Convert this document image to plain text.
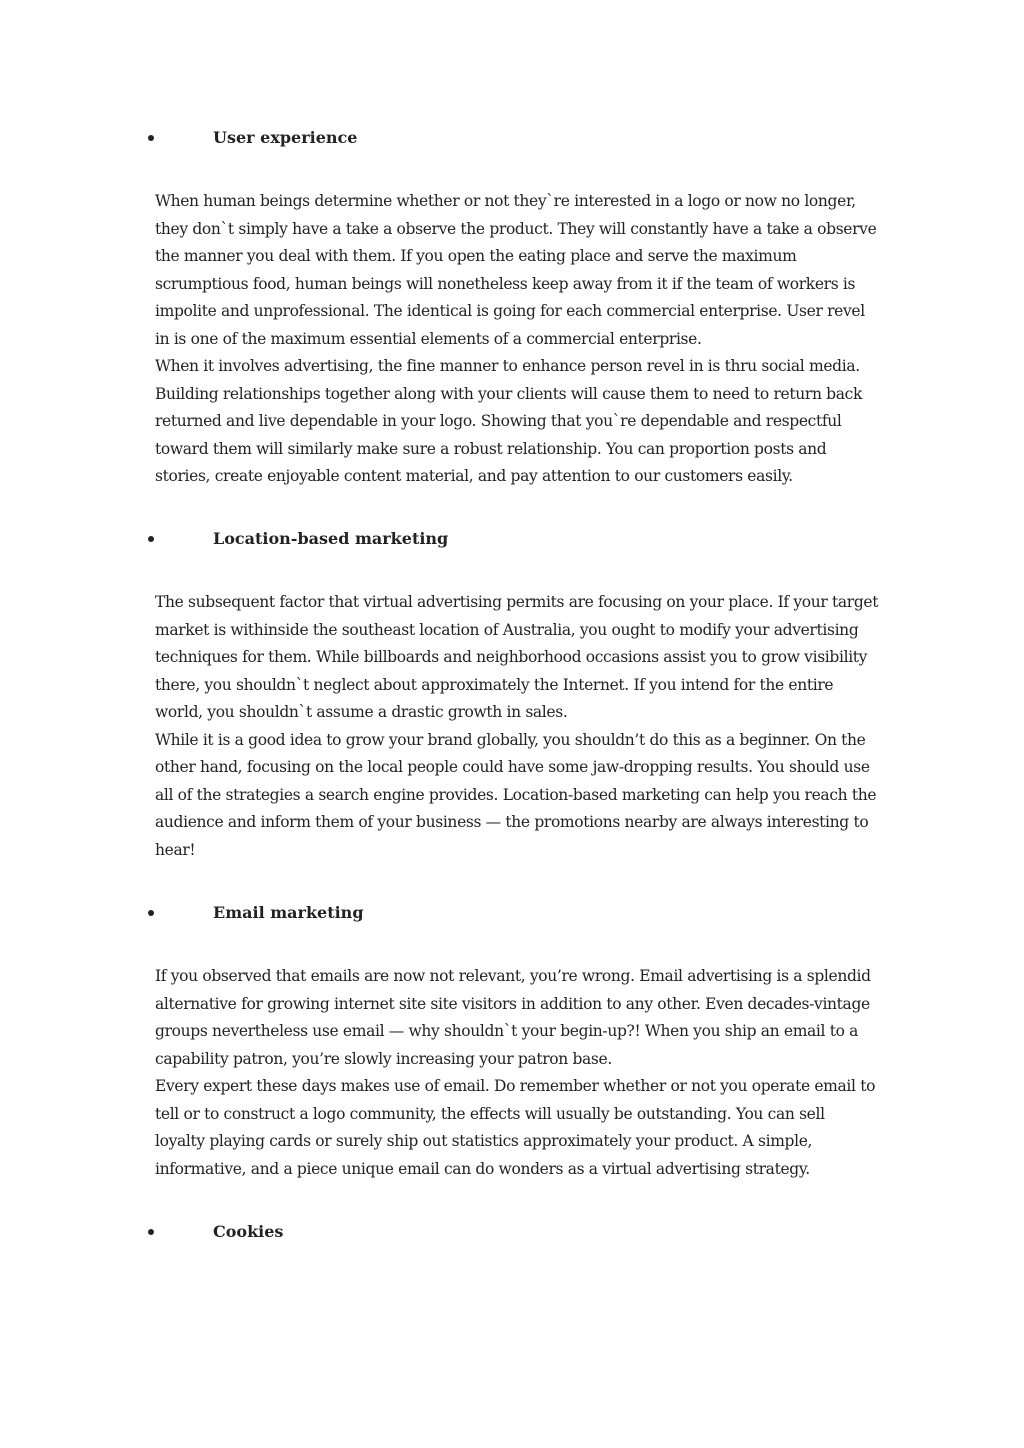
User experience
When human beings determine whether or not they`re interested in a logo or now no longer,
they don`t simply have a take a observe the product. They will constantly have a take a observe
the manner you deal with them. If you open the eating place and serve the maximum
scrumptious food, human beings will nonetheless keep away from it if the team of workers is
impolite and unprofessional. The identical is going for each commercial enterprise. User revel
in is one of the maximum essential elements of a commercial enterprise.
When it involves advertising, the fine manner to enhance person revel in is thru social media.
Building relationships together along with your clients will cause them to need to return back
returned and live dependable in your logo. Showing that you`re dependable and respectful
toward them will similarly make sure a robust relationship. You can proportion posts and
stories, create enjoyable content material, and pay attention to our customers easily.
Location-based marketing
The subsequent factor that virtual advertising permits are focusing on your place. If your target
market is withinside the southeast location of Australia, you ought to modify your advertising
techniques for them. While billboards and neighborhood occasions assist you to grow visibility
there, you shouldn`t neglect about approximately the Internet. If you intend for the entire
world, you shouldn`t assume a drastic growth in sales.
While it is a good idea to grow your brand globally, you shouldn’t do this as a beginner. On the
other hand, focusing on the local people could have some jaw-dropping results. You should use
all of the strategies a search engine provides. Location-based marketing can help you reach the
audience and inform them of your business — the promotions nearby are always interesting to
hear!
Email marketing
If you observed that emails are now not relevant, you’re wrong. Email advertising is a splendid
alternative for growing internet site site visitors in addition to any other. Even decades-vintage
groups nevertheless use email — why shouldn`t your begin-up?! When you ship an email to a
capability patron, you’re slowly increasing your patron base.
Every expert these days makes use of email. Do remember whether or not you operate email to
tell or to construct a logo community, the effects will usually be outstanding. You can sell
loyalty playing cards or surely ship out statistics approximately your product. A simple,
informative, and a piece unique email can do wonders as a virtual advertising strategy.
Cookies
